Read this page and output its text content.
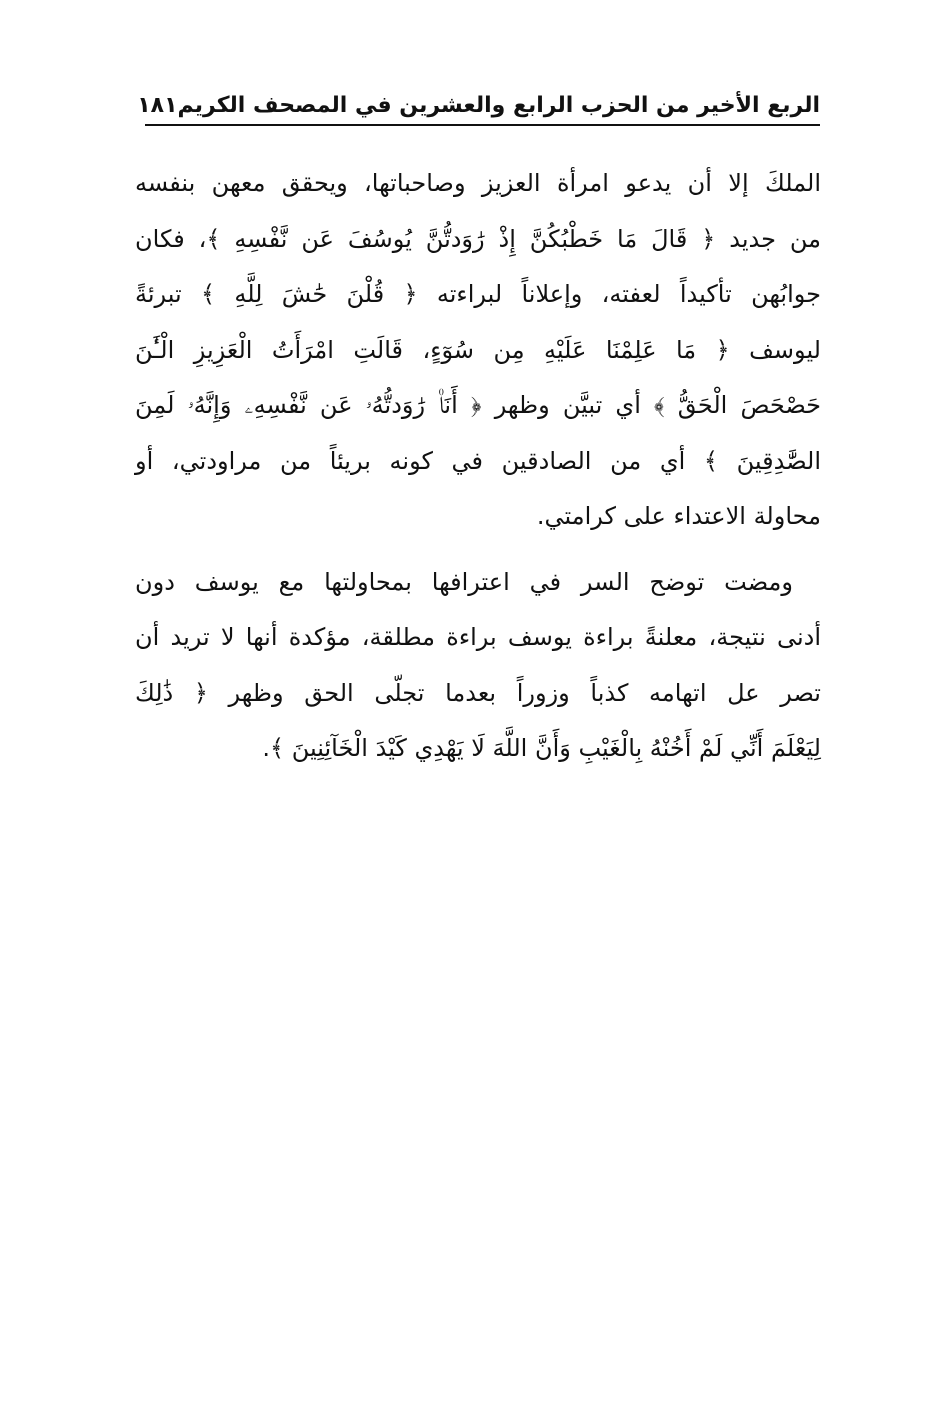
الربع الأخير من الحزب الرابع والعشرين في المصحف الكريم
١٨١

الملكَ إلا أن يدعو امرأة العزيز وصاحباتها، ويحقق معهن بنفسه
من جديد ﴿ قَالَ مَا خَطْبُكُنَّ إِذْ رَٰوَدتُّنَّ يُوسُفَ عَن نَّفْسِهِ ﴾، فكان
جوابُهن تأكيداً لعفته، وإعلاناً لبراءته ﴿ قُلْنَ حَٰشَ لِلَّهِ ﴾ تبرئةً
ليوسف ﴿ مَا عَلِمْنَا عَلَيْهِ مِن سُوٓءٍ، قَالَتِ امْرَأَتُ الْعَزِيزِ الْـَٰٔنَ
حَصْحَصَ الْحَقُّ ﴾ أي تبيَّن وظهر ﴿ أَنَا۠ رَٰوَدتُّهُۥ عَن نَّفْسِهِۦ وَإِنَّهُۥ لَمِنَ
الصَّٰدِقِينَ ﴾ أي من الصادقين في كونه بريئاً من مراودتي، أو
محاولة الاعتداء على كرامتي.

ومضت توضح السر في اعترافها بمحاولتها مع يوسف دون
أدنى نتيجة، معلنةً براءة يوسف براءة مطلقة، مؤكدة أنها لا تريد أن
تصر عل اتهامه كذباً وزوراً بعدما تجلّى الحق وظهر ﴿ ذَٰلِكَ
لِيَعْلَمَ أَنِّي لَمْ أَخُنْهُ بِالْغَيْبِ وَأَنَّ اللَّهَ لَا يَهْدِي كَيْدَ الْخَآئِنِينَ ﴾.
